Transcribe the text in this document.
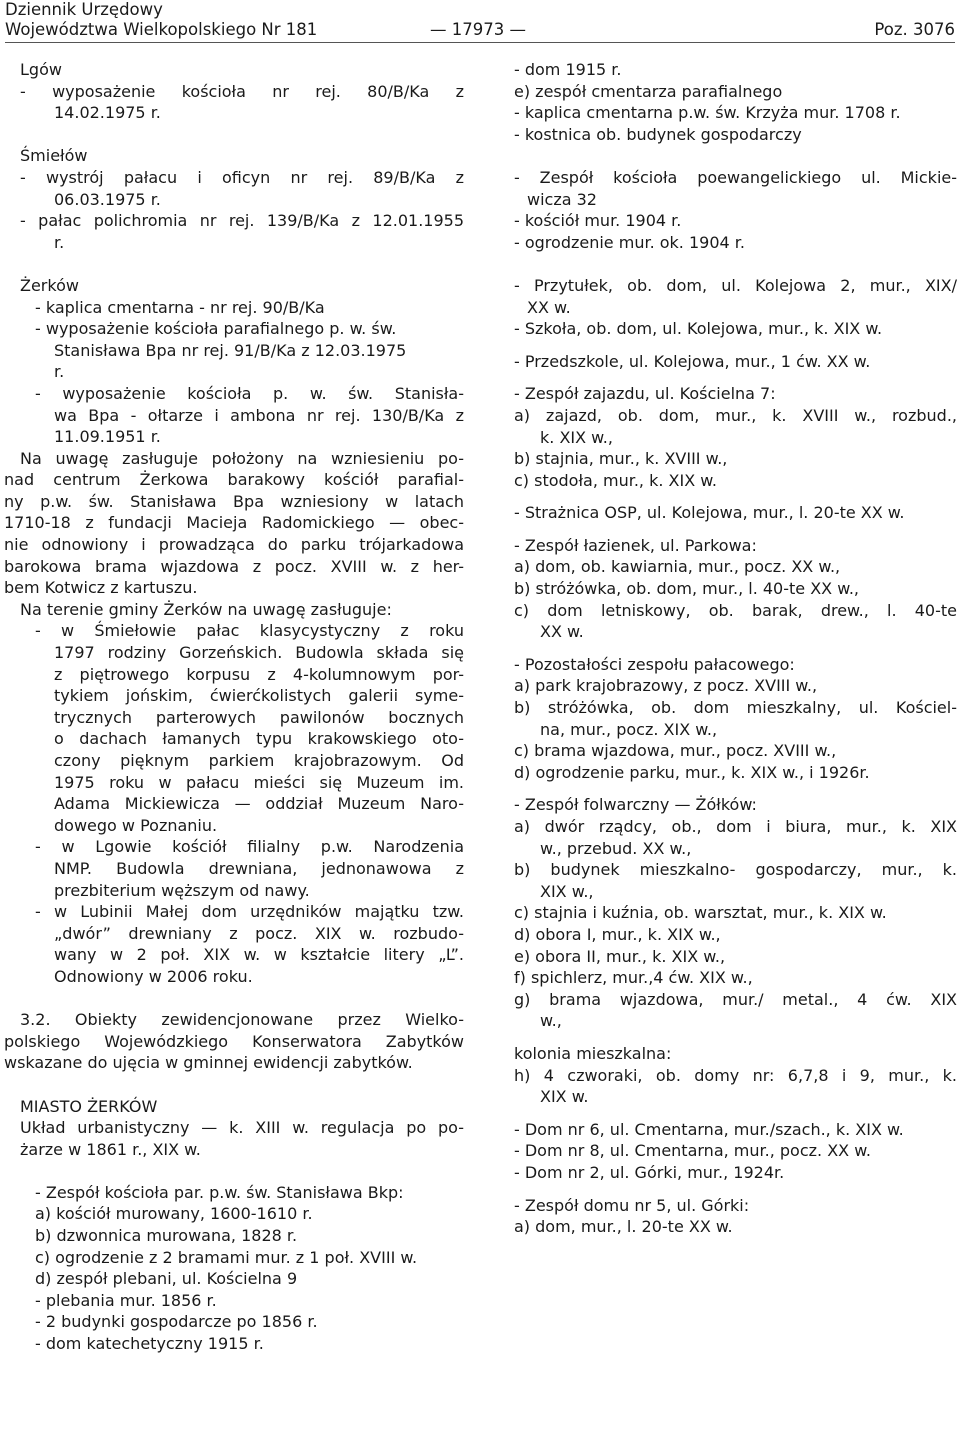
Dziennik Urzędowy
Województwa Wielkopolskiego Nr 181	— 17973 —	Poz. 3076
Lgów
- wyposażenie kościoła nr rej. 80/B/Ka z
14.02.1975 r.
Śmiełów
- wystrój pałacu i oficyn nr rej. 89/B/Ka z
06.03.1975 r.
- pałac polichromia nr rej. 139/B/Ka z 12.01.1955
r.
Żerków
- kaplica cmentarna - nr rej. 90/B/Ka
- wyposażenie kościoła parafialnego p. w. św.
Stanisława Bpa nr rej. 91/B/Ka z 12.03.1975
r.
- wyposażenie kościoła p. w. św. Stanisła-
wa Bpa - ołtarze i ambona nr rej. 130/B/Ka z
11.09.1951 r.
Na uwagę zasługuje położony na wzniesieniu po-
nad centrum Żerkowa barakowy kościół parafial-
ny p.w. św. Stanisława Bpa wzniesiony w latach
1710-18 z fundacji Macieja Radomickiego — obec-
nie odnowiony i prowadząca do parku trójarkadowa
barokowa brama wjazdowa z pocz. XVIII w. z her-
bem Kotwicz z kartuszu.
Na terenie gminy Żerków na uwagę zasługuje:
- w Śmiełowie pałac klasycystyczny z roku
1797 rodziny Gorzeńskich. Budowla składa się
z piętrowego korpusu z 4-kolumnowym por-
tykiem jońskim, ćwierćkolistych galerii syme-
trycznych parterowych pawilonów bocznych
o dachach łamanych typu krakowskiego oto-
czony pięknym parkiem krajobrazowym. Od
1975 roku w pałacu mieści się Muzeum im.
Adama Mickiewicza — oddział Muzeum Naro-
dowego w Poznaniu.
- w Lgowie kościół filialny p.w. Narodzenia
NMP. Budowla drewniana, jednonawowa z
prezbiterium węższym od nawy.
- w Lubinii Małej dom urzędników majątku tzw.
„dwór” drewniany z pocz. XIX w. rozbudo-
wany w 2 poł. XIX w. w kształcie litery „L”.
Odnowiony w 2006 roku.
3.2. Obiekty zewidencjonowane przez Wielko-
polskiego Wojewódzkiego Konserwatora Zabytków
wskazane do ujęcia w gminnej ewidencji zabytków.
MIASTO ŻERKÓW
Układ urbanistyczny — k. XIII w. regulacja po po-
żarze w 1861 r., XIX w.
- Zespół kościoła par. p.w. św. Stanisława Bkp:
a) kościół murowany, 1600-1610 r.
b) dzwonnica murowana, 1828 r.
c) ogrodzenie z 2 bramami mur. z 1 poł. XVIII w.
d) zespół plebani, ul. Kościelna 9
- plebania mur. 1856 r.
- 2 budynki gospodarcze po 1856 r.
- dom katechetyczny 1915 r.
- dom 1915 r.
e) zespół cmentarza parafialnego
- kaplica cmentarna p.w. św. Krzyża mur. 1708 r.
- kostnica ob. budynek gospodarczy
- Zespół kościoła poewangelickiego ul. Mickie-
wicza 32
- kościół mur. 1904 r.
- ogrodzenie mur. ok. 1904 r.
- Przytułek, ob. dom, ul. Kolejowa 2, mur., XIX/
XX w.
- Szkoła, ob. dom, ul. Kolejowa, mur., k. XIX w.
- Przedszkole, ul. Kolejowa, mur., 1 ćw. XX w.
- Zespół zajazdu, ul. Kościelna 7:
a) zajazd, ob. dom, mur., k. XVIII w., rozbud.,
k. XIX w.,
b) stajnia, mur., k. XVIII w.,
c) stodoła, mur., k. XIX w.
- Strażnica OSP, ul. Kolejowa, mur., l. 20-te XX w.
- Zespół łazienek, ul. Parkowa:
a) dom, ob. kawiarnia, mur., pocz. XX w.,
b) stróżówka, ob. dom, mur., l. 40-te XX w.,
c) dom letniskowy, ob. barak, drew., l. 40-te
XX w.
- Pozostałości zespołu pałacowego:
a) park krajobrazowy, z pocz. XVIII w.,
b) stróżówka, ob. dom mieszkalny, ul. Kościel-
na, mur., pocz. XIX w.,
c) brama wjazdowa, mur., pocz. XVIII w.,
d) ogrodzenie parku, mur., k. XIX w., i 1926r.
- Zespół folwarczny — Żółków:
a) dwór rządcy, ob., dom i biura, mur., k. XIX
w., przebud. XX w.,
b) budynek mieszkalno- gospodarczy, mur., k.
XIX w.,
c) stajnia i kuźnia, ob. warsztat, mur., k. XIX w.
d) obora I, mur., k. XIX w.,
e) obora II, mur., k. XIX w.,
f) spichlerz, mur.,4 ćw. XIX w.,
g) brama wjazdowa, mur./ metal., 4 ćw. XIX
w.,
kolonia mieszkalna:
h) 4 czworaki, ob. domy nr: 6,7,8 i 9, mur., k.
XIX w.
- Dom nr 6, ul. Cmentarna, mur./szach., k. XIX w.
- Dom nr 8, ul. Cmentarna, mur., pocz. XX w.
- Dom nr 2, ul. Górki, mur., 1924r.
- Zespół domu nr 5, ul. Górki:
a) dom, mur., l. 20-te XX w.
